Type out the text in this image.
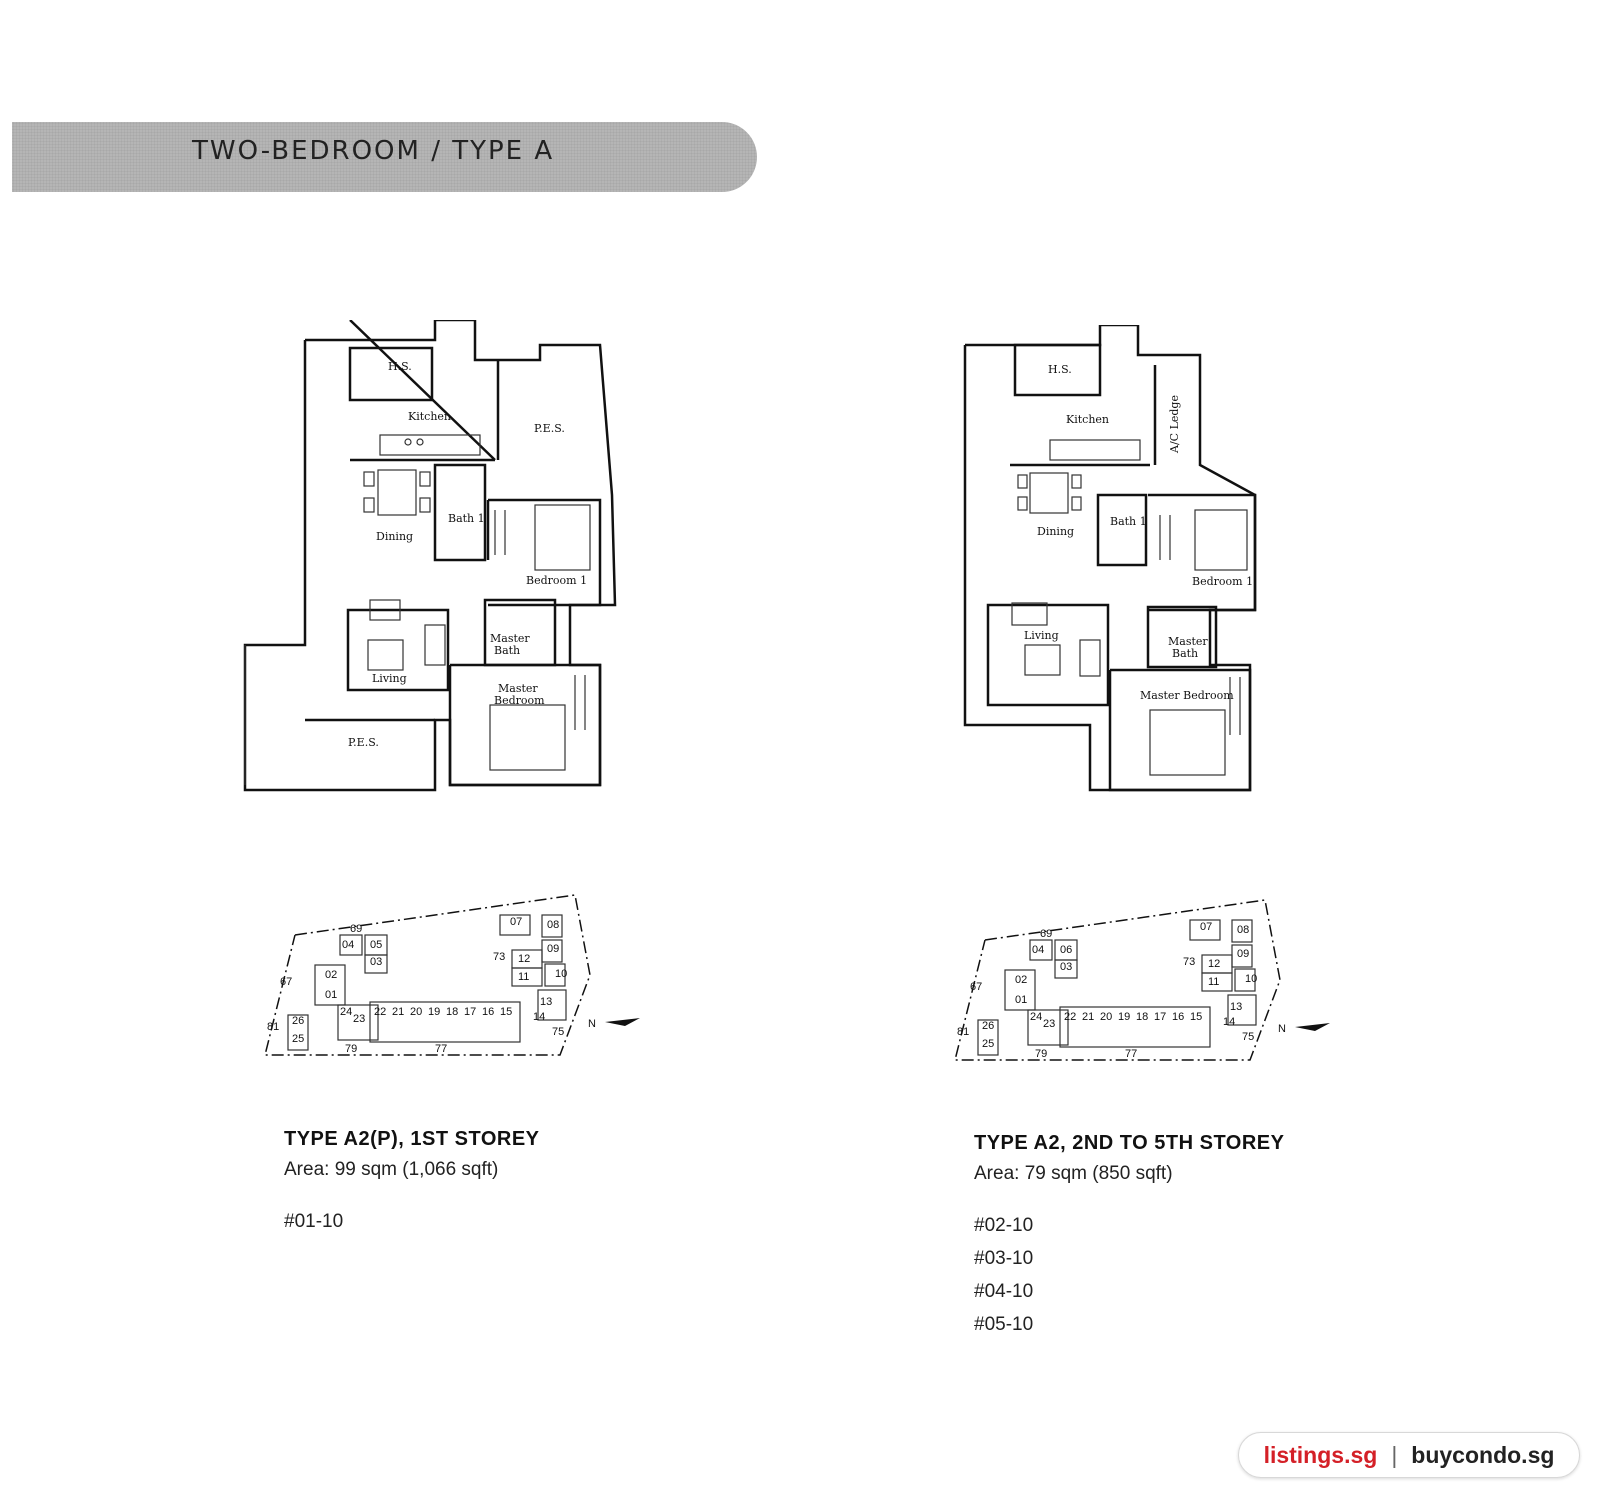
TWO-BEDROOM / TYPE A
H.S.
Kitchen
P.E.S.
Dining
Bath 1
Bedroom 1
Living
Master
Bath
Master
Bedroom
P.E.S.
H.S.
Kitchen	A/C Ledge
Dining
Bath 1
Bedroom 1
Living	Master
Bath
Master Bedroom
07 08
09
10
12
11
13
14
69
04 05
03
02
01
26
25
24
23
22 21 20 19 18 17 16 15
73
67
81
79	77
75
N
07 08
09
10
12
11
13
14
69
04 06
03
02
01
26
25
24
23
22 21 20 19 18 17 16 15
73
67
81
79	77
75
N
TYPE A2(P), 1ST STOREY
Area: 99 sqm (1,066 sqft)
#01-10
TYPE A2, 2ND TO 5TH STOREY
Area: 79 sqm (850 sqft)
#02-10
#03-10
#04-10
#05-10
listings.sg | buycondo.sg
